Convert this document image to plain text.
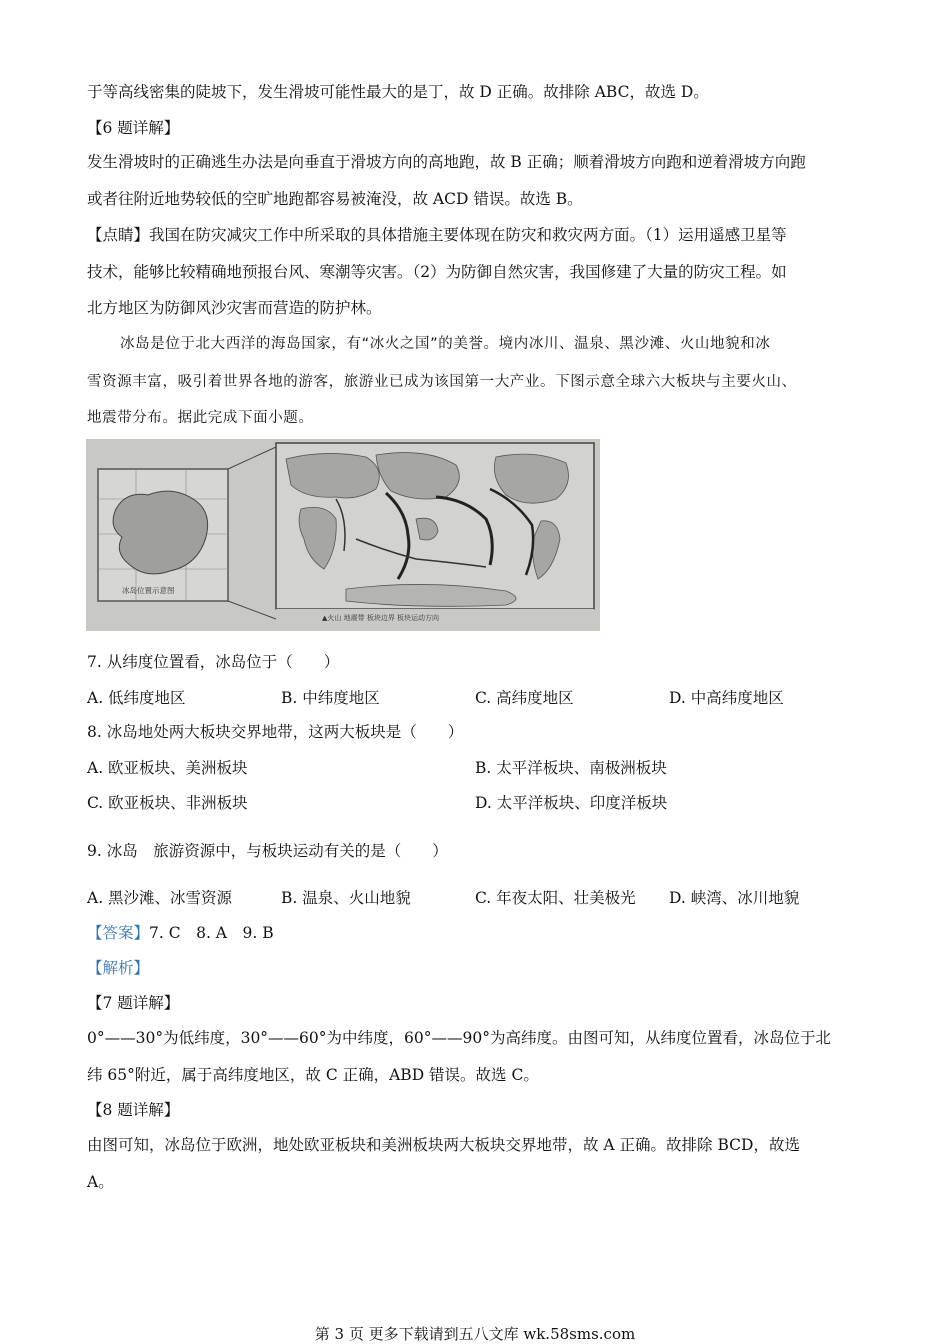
于等高线密集的陡坡下，发生滑坡可能性最大的是丁，故 D 正确。故排除 ABC，故选 D。
【6 题详解】
发生滑坡时的正确逃生办法是向垂直于滑坡方向的高地跑，故 B 正确；顺着滑坡方向跑和逆着滑坡方向跑
或者往附近地势较低的空旷地跑都容易被淹没，故 ACD 错误。故选 B。
【点睛】我国在防灾减灾工作中所采取的具体措施主要体现在防灾和救灾两方面。（1）运用遥感卫星等
技术，能够比较精确地预报台风、寒潮等灾害。（2）为防御自然灾害，我国修建了大量的防灾工程。如
北方地区为防御风沙灾害而营造的防护林。
冰岛是位于北大西洋的海岛国家，有“冰火之国”的美誉。境内冰川、温泉、黑沙滩、火山地貌和冰
雪资源丰富，吸引着世界各地的游客，旅游业已成为该国第一大产业。下图示意全球六大板块与主要火山、
地震带分布。据此完成下面小题。
冰岛位置示意图
▲火山 地震带 板块边界 板块运动方向
7. 从纬度位置看，冰岛位于（　　）
A. 低纬度地区	B. 中纬度地区	C. 高纬度地区	D. 中高纬度地区
8. 冰岛地处两大板块交界地带，这两大板块是（　　）
A. 欧亚板块、美洲板块	B. 太平洋板块、南极洲板块
C. 欧亚板块、非洲板块	D. 太平洋板块、印度洋板块
9. 冰岛　旅游资源中，与板块运动有关的是（　　）
A. 黑沙滩、冰雪资源	B. 温泉、火山地貌	C. 年夜太阳、壮美极光 D. 峡湾、冰川地貌
【答案】7. C　8. A　9. B
【解析】
【7 题详解】
0°——30°为低纬度，30°——60°为中纬度，60°——90°为高纬度。由图可知，从纬度位置看，冰岛位于北
纬 65°附近，属于高纬度地区，故 C 正确，ABD 错误。故选 C。
【8 题详解】
由图可知，冰岛位于欧洲，地处欧亚板块和美洲板块两大板块交界地带，故 A 正确。故排除 BCD，故选
A。
第 3 页 更多下载请到五八文库 wk.58sms.com
